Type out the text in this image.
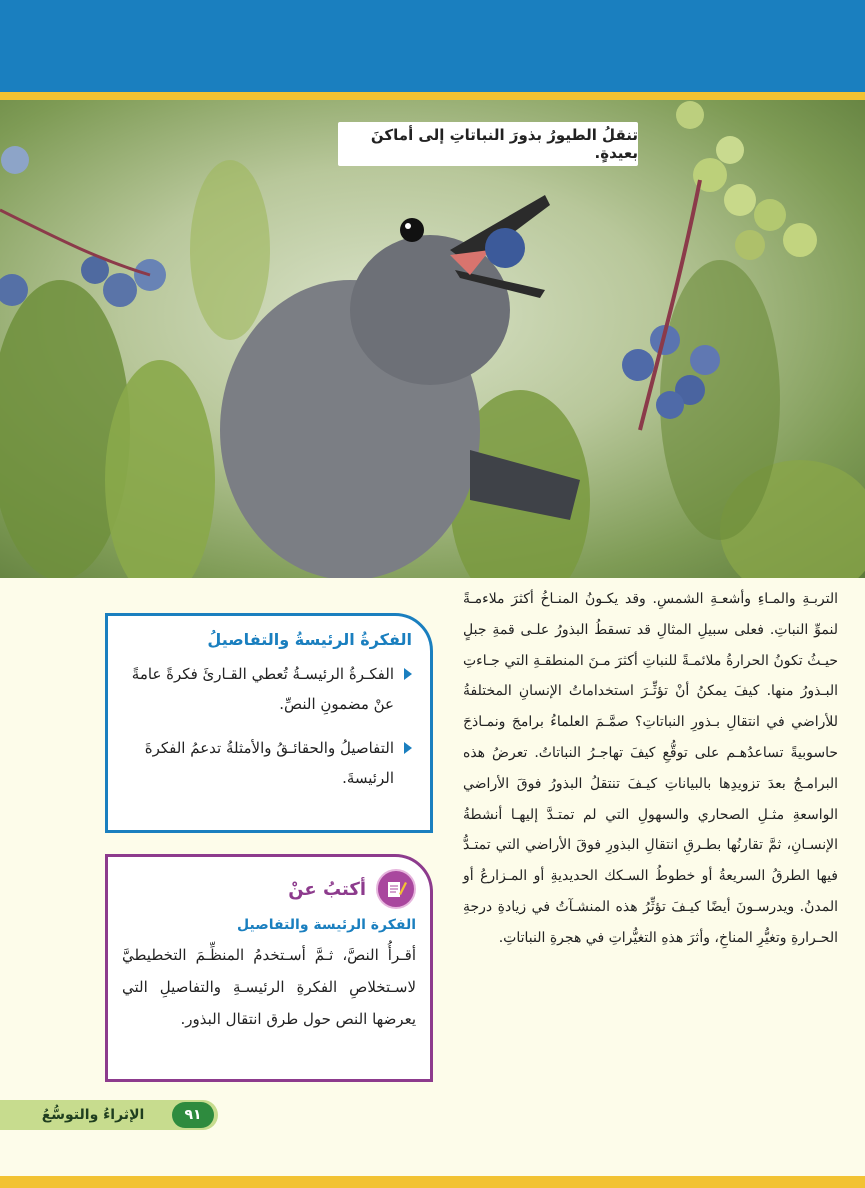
تنقلُ الطيورُ بذورَ النباتاتِ إلى أماكنَ بعيدةٍ.
التربـةِ والمـاءِ وأشعـةِ الشمسِ. وقد يكـونُ المنـاخُ أكثرَ ملاءمـةً لنموِّ النباتِ. فعلى سبيلِ المثالِ قد تسقطُ البذورُ علـى قمةِ جبلٍ حيـثُ تكونُ الحرارةُ ملائمـةً للنباتِ أكثرَ مـنَ المنطقـةِ التي جـاءتِ البـذورُ منها. كيفَ يمكنُ أنْ تؤثِّـرَ استخداماتُ الإنسانِ المختلفةُ للأراضي في انتقالِ بـذورِ النباتاتِ؟ صمَّـمَ العلماءُ برامجَ ونمـاذجَ حاسوبيةً تساعدُهـم على توقُّعِ كيفَ تهاجـرُ النباتاتُ. تعرضُ هذه البرامـجُ بعدَ تزويدِها بالبياناتِ كيـفَ تنتقلُ البذورُ فوقَ الأراضي الواسعةِ مثـلِ الصحاري والسهولِ التي لم تمتـدَّ إليهـا أنشطةُ الإنسـانِ، ثمَّ تقارنُها بطـرقِ انتقالِ البذورِ فوقَ الأراضي التي تمتـدُّ فيها الطرقُ السريعةُ أو خطوطُ السـكك الحديديةِ أو المـزارعُ أو المدنُ. ويدرسـونَ أيضًا كيـفَ تؤثِّرُ هذه المنشـآتُ في زيادةِ درجةِ الحـرارةِ وتغيُّرِ المناخِ، وأثرَ هذهِ التغيُّراتِ في هجرةِ النباتاتِ.
الفكرةُ الرئيسةُ والتفاصيلُ
الفكـرةُ الرئيسـةُ تُعطي القـارئَ فكرةً عامةً عنْ مضمونِ النصِّ.
التفاصيلُ والحقائـقُ والأمثلةُ تدعمُ الفكرةَ الرئيسةَ.
أكتبُ عنْ
الفكرة الرئيسة والتفاصيل

أقـرأُ النصَّ، ثـمَّ أسـتخدمُ المنظِّـمَ التخطيطيَّ لاسـتخلاصِ الفكرةِ الرئيسـةِ والتفاصيلِ التي يعرضها النص حول طرق انتقال البذور.

٩١
الإثراءُ والتوسُّعُ
